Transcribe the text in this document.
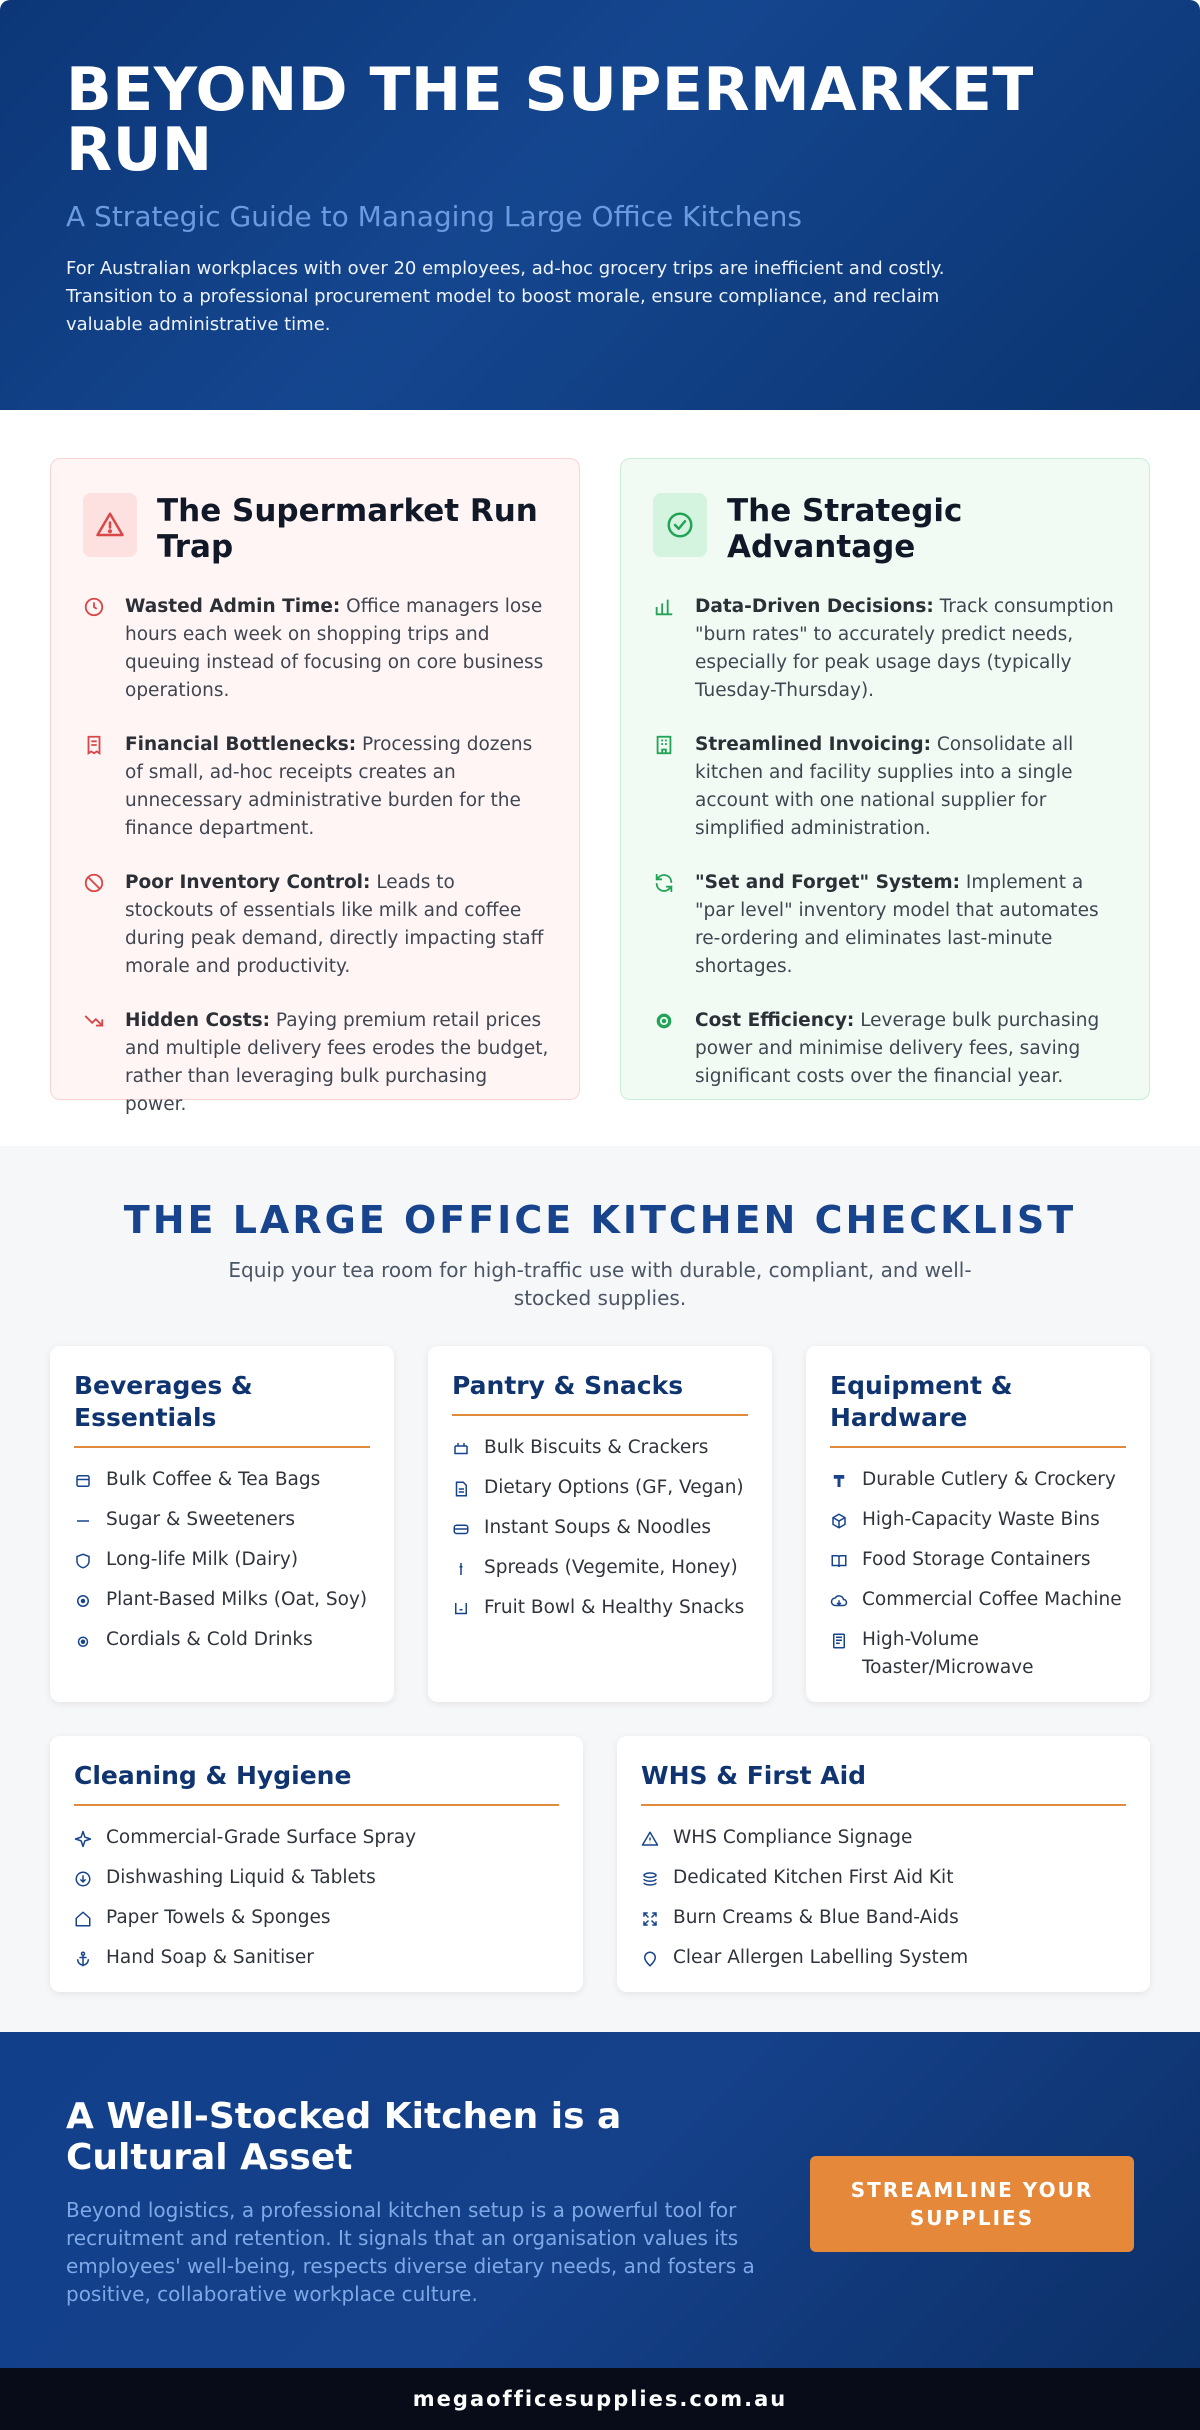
BEYOND THE SUPERMARKET RUN
A Strategic Guide to Managing Large Office Kitchens

For Australian workplaces with over 20 employees, ad-hoc grocery trips are inefficient and costly. Transition to a professional procurement model to boost morale, ensure compliance, and reclaim valuable administrative time.

The Supermarket Run Trap

Wasted Admin Time: Office managers lose hours each week on shopping trips and queuing instead of focusing on core business operations.

Financial Bottlenecks: Processing dozens of small, ad-hoc receipts creates an unnecessary administrative burden for the finance department.

Poor Inventory Control: Leads to stockouts of essentials like milk and coffee during peak demand, directly impacting staff morale and productivity.

Hidden Costs: Paying premium retail prices and multiple delivery fees erodes the budget, rather than leveraging bulk purchasing power.

The Strategic Advantage

Data-Driven Decisions: Track consumption "burn rates" to accurately predict needs, especially for peak usage days (typically Tuesday-Thursday).

Streamlined Invoicing: Consolidate all kitchen and facility supplies into a single account with one national supplier for simplified administration.

"Set and Forget" System: Implement a "par level" inventory model that automates re-ordering and eliminates last-minute shortages.

Cost Efficiency: Leverage bulk purchasing power and minimise delivery fees, saving significant costs over the financial year.

THE LARGE OFFICE KITCHEN CHECKLIST

Equip your tea room for high-traffic use with durable, compliant, and well-stocked supplies.

Beverages & Essentials
Bulk Coffee & Tea Bags
Sugar & Sweeteners
Long-life Milk (Dairy)
Plant-Based Milks (Oat, Soy)
Cordials & Cold Drinks
Pantry & Snacks
Bulk Biscuits & Crackers
Dietary Options (GF, Vegan)
Instant Soups & Noodles
Spreads (Vegemite, Honey)
Fruit Bowl & Healthy Snacks
Equipment & Hardware
Durable Cutlery & Crockery
High-Capacity Waste Bins
Food Storage Containers
Commercial Coffee Machine
High-Volume Toaster/Microwave
Cleaning & Hygiene
Commercial-Grade Surface Spray
Dishwashing Liquid & Tablets
Paper Towels & Sponges
Hand Soap & Sanitiser
WHS & First Aid
WHS Compliance Signage
Dedicated Kitchen First Aid Kit
Burn Creams & Blue Band-Aids
Clear Allergen Labelling System
A Well-Stocked Kitchen is a Cultural Asset

Beyond logistics, a professional kitchen setup is a powerful tool for recruitment and retention. It signals that an organisation values its employees' well-being, respects diverse dietary needs, and fosters a positive, collaborative workplace culture.

STREAMLINE YOUR SUPPLIES
megaofficesupplies.com.au
